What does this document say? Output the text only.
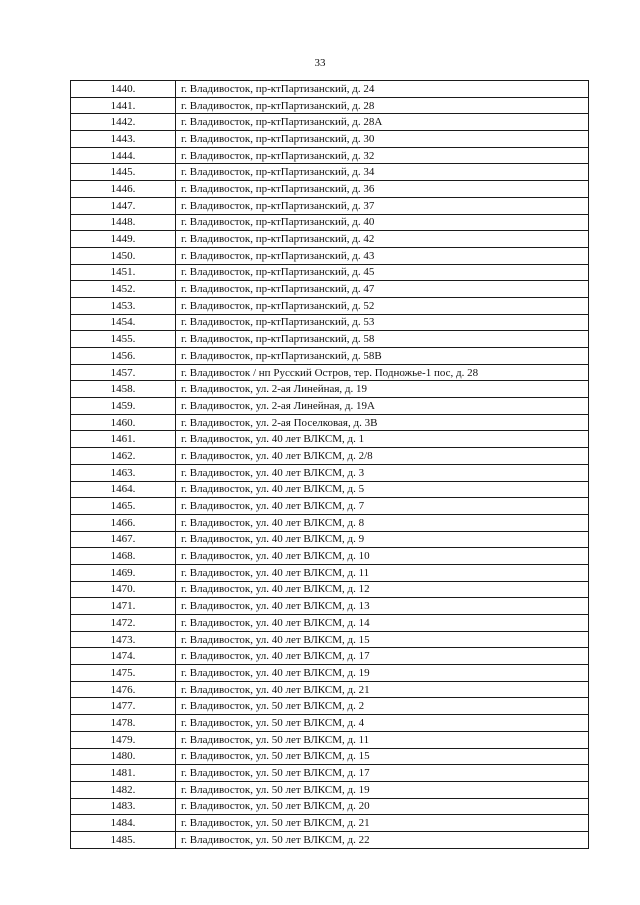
33
1440.	г. Владивосток, пр-ктПартизанский, д. 24
1441.	г. Владивосток, пр-ктПартизанский, д. 28
1442.	г. Владивосток, пр-ктПартизанский, д. 28А
1443.	г. Владивосток, пр-ктПартизанский, д. 30
1444.	г. Владивосток, пр-ктПартизанский, д. 32
1445.	г. Владивосток, пр-ктПартизанский, д. 34
1446.	г. Владивосток, пр-ктПартизанский, д. 36
1447.	г. Владивосток, пр-ктПартизанский, д. 37
1448.	г. Владивосток, пр-ктПартизанский, д. 40
1449.	г. Владивосток, пр-ктПартизанский, д. 42
1450.	г. Владивосток, пр-ктПартизанский, д. 43
1451.	г. Владивосток, пр-ктПартизанский, д. 45
1452.	г. Владивосток, пр-ктПартизанский, д. 47
1453.	г. Владивосток, пр-ктПартизанский, д. 52
1454.	г. Владивосток, пр-ктПартизанский, д. 53
1455.	г. Владивосток, пр-ктПартизанский, д. 58
1456.	г. Владивосток, пр-ктПартизанский, д. 58В
1457.	г. Владивосток / нп Русский Остров, тер. Подножье-1 пос, д. 28
1458.	г. Владивосток, ул. 2-ая Линейная, д. 19
1459.	г. Владивосток, ул. 2-ая Линейная, д. 19А
1460.	г. Владивосток, ул. 2-ая Поселковая, д. 3В
1461.	г. Владивосток, ул. 40 лет ВЛКСМ, д. 1
1462.	г. Владивосток, ул. 40 лет ВЛКСМ, д. 2/8
1463.	г. Владивосток, ул. 40 лет ВЛКСМ, д. 3
1464.	г. Владивосток, ул. 40 лет ВЛКСМ, д. 5
1465.	г. Владивосток, ул. 40 лет ВЛКСМ, д. 7
1466.	г. Владивосток, ул. 40 лет ВЛКСМ, д. 8
1467.	г. Владивосток, ул. 40 лет ВЛКСМ, д. 9
1468.	г. Владивосток, ул. 40 лет ВЛКСМ, д. 10
1469.	г. Владивосток, ул. 40 лет ВЛКСМ, д. 11
1470.	г. Владивосток, ул. 40 лет ВЛКСМ, д. 12
1471.	г. Владивосток, ул. 40 лет ВЛКСМ, д. 13
1472.	г. Владивосток, ул. 40 лет ВЛКСМ, д. 14
1473.	г. Владивосток, ул. 40 лет ВЛКСМ, д. 15
1474.	г. Владивосток, ул. 40 лет ВЛКСМ, д. 17
1475.	г. Владивосток, ул. 40 лет ВЛКСМ, д. 19
1476.	г. Владивосток, ул. 40 лет ВЛКСМ, д. 21
1477.	г. Владивосток, ул. 50 лет ВЛКСМ, д. 2
1478.	г. Владивосток, ул. 50 лет ВЛКСМ, д. 4
1479.	г. Владивосток, ул. 50 лет ВЛКСМ, д. 11
1480.	г. Владивосток, ул. 50 лет ВЛКСМ, д. 15
1481.	г. Владивосток, ул. 50 лет ВЛКСМ, д. 17
1482.	г. Владивосток, ул. 50 лет ВЛКСМ, д. 19
1483.	г. Владивосток, ул. 50 лет ВЛКСМ, д. 20
1484.	г. Владивосток, ул. 50 лет ВЛКСМ, д. 21
1485.	г. Владивосток, ул. 50 лет ВЛКСМ, д. 22
